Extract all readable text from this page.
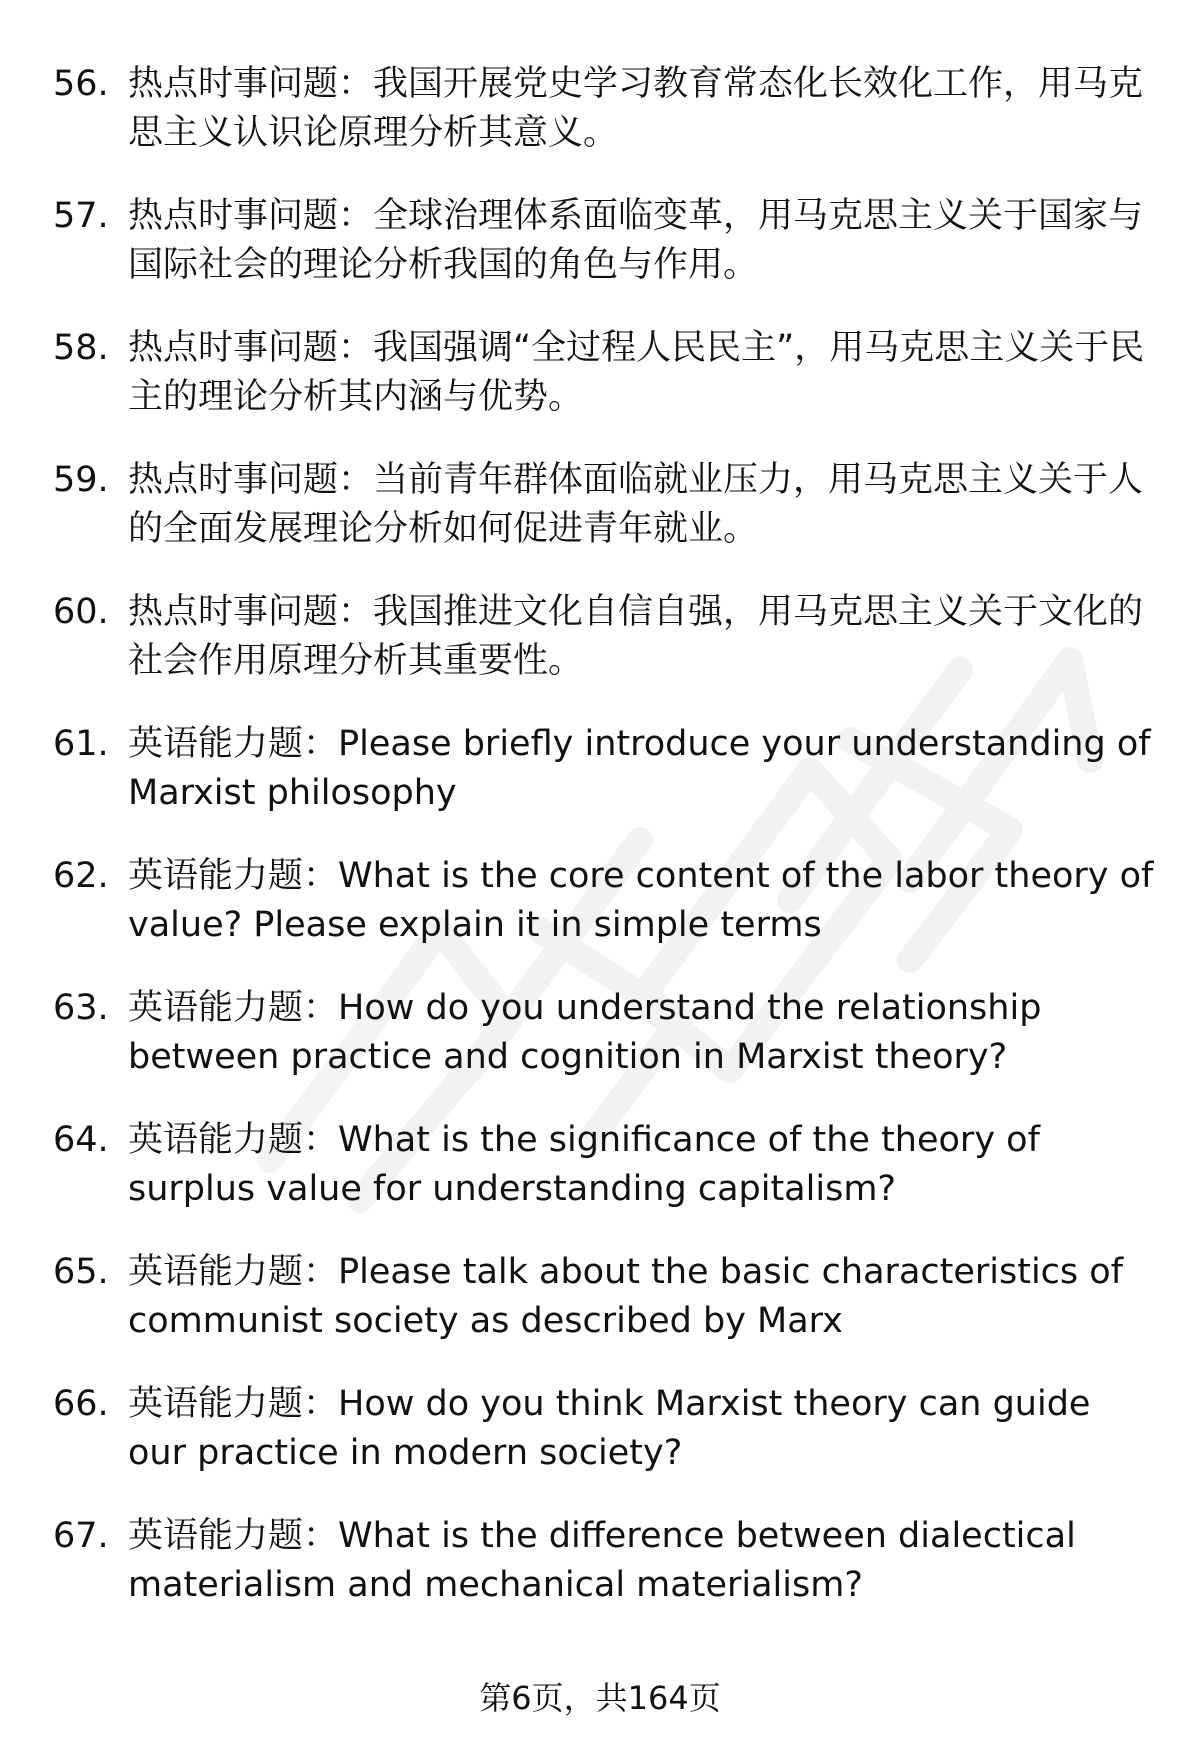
56. 热点时事问题：我国开展党史学习教育常态化长效化工作，用马克思主义认识论原理分析其意义。
57. 热点时事问题：全球治理体系面临变革，用马克思主义关于国家与国际社会的理论分析我国的角色与作用。
58. 热点时事问题：我国强调“全过程人民民主”，用马克思主义关于民主的理论分析其内涵与优势。
59. 热点时事问题：当前青年群体面临就业压力，用马克思主义关于人的全面发展理论分析如何促进青年就业。
60. 热点时事问题：我国推进文化自信自强，用马克思主义关于文化的社会作用原理分析其重要性。
61. 英语能力题：Please briefly introduce your understanding of Marxist philosophy
62. 英语能力题：What is the core content of the labor theory of value? Please explain it in simple terms
63. 英语能力题：How do you understand the relationship between practice and cognition in Marxist theory?
64. 英语能力题：What is the significance of the theory of surplus value for understanding capitalism?
65. 英语能力题：Please talk about the basic characteristics of communist society as described by Marx
66. 英语能力题：How do you think Marxist theory can guide our practice in modern society?
67. 英语能力题：What is the difference between dialectical materialism and mechanical materialism?
第6页，共164页
